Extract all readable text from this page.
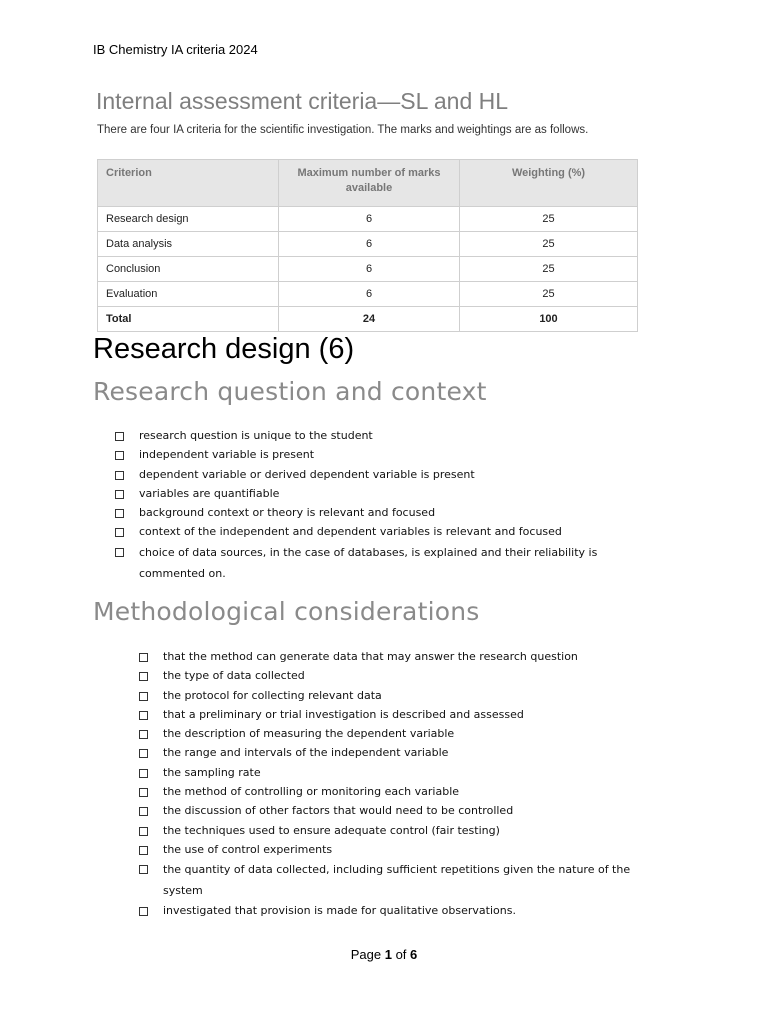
IB Chemistry IA criteria 2024
Internal assessment criteria—SL and HL
There are four IA criteria for the scientific investigation. The marks and weightings are as follows.
Criterion	Maximum number of marks available	Weighting (%)
Research design	6	25
Data analysis	6	25
Conclusion	6	25
Evaluation	6	25
Total	24	100
Research design (6)
Research question and context
research question is unique to the student
independent variable is present
dependent variable or derived dependent variable is present
variables are quantifiable
background context or theory is relevant and focused
context of the independent and dependent variables is relevant and focused
choice of data sources, in the case of databases, is explained and their reliability is commented on.
Methodological considerations
that the method can generate data that may answer the research question
the type of data collected
the protocol for collecting relevant data
that a preliminary or trial investigation is described and assessed
the description of measuring the dependent variable
the range and intervals of the independent variable
the sampling rate
the method of controlling or monitoring each variable
the discussion of other factors that would need to be controlled
the techniques used to ensure adequate control (fair testing)
the use of control experiments
the quantity of data collected, including sufficient repetitions given the nature of the system
investigated that provision is made for qualitative observations.
Page 1 of 6
